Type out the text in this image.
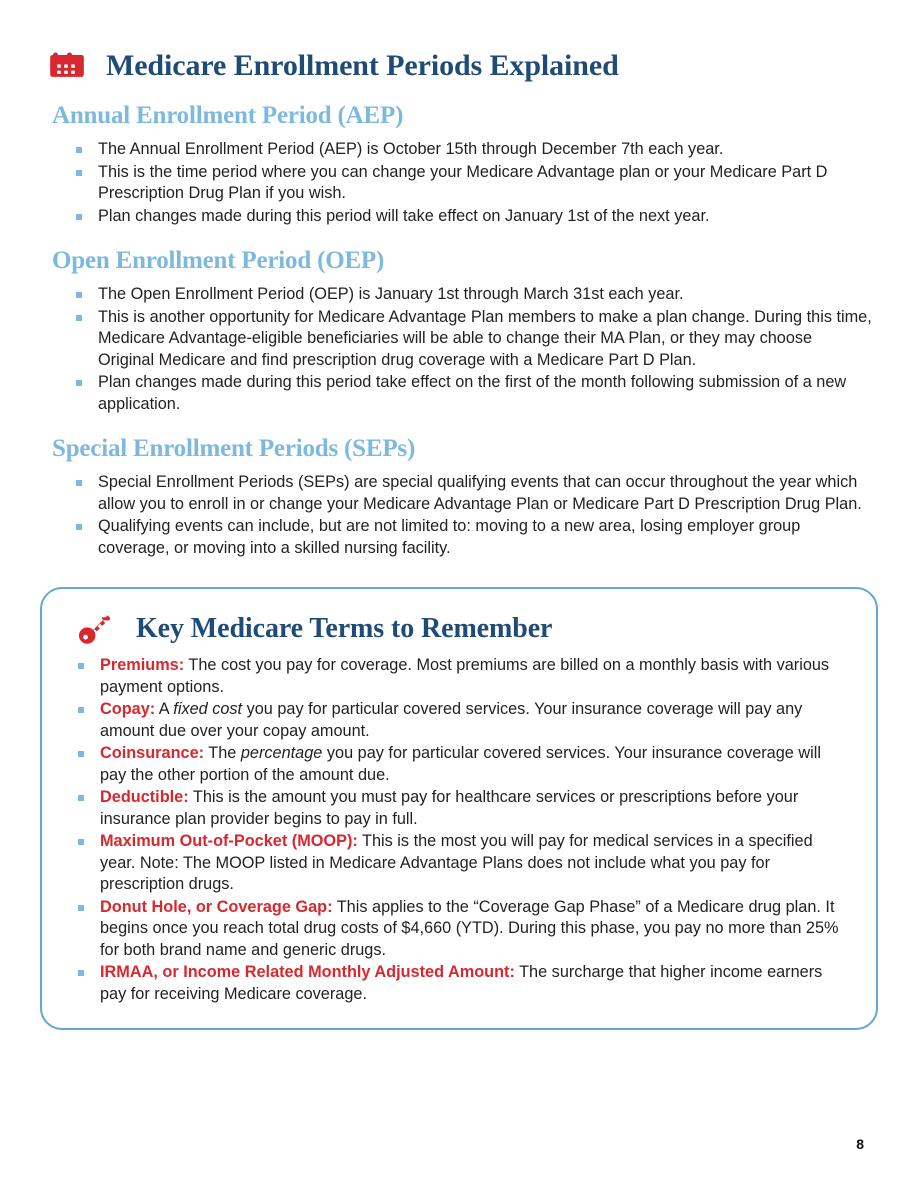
Medicare Enrollment Periods Explained
Annual Enrollment Period (AEP)
The Annual Enrollment Period (AEP) is October 15th through December 7th each year.
This is the time period where you can change your Medicare Advantage plan or your Medicare Part D Prescription Drug Plan if you wish.
Plan changes made during this period will take effect on January 1st of the next year.
Open Enrollment Period (OEP)
The Open Enrollment Period (OEP) is January 1st through March 31st each year.
This is another opportunity for Medicare Advantage Plan members to make a plan change. During this time, Medicare Advantage-eligible beneficiaries will be able to change their MA Plan, or they may choose Original Medicare and find prescription drug coverage with a Medicare Part D Plan.
Plan changes made during this period take effect on the first of the month following submission of a new application.
Special Enrollment Periods (SEPs)
Special Enrollment Periods (SEPs) are special qualifying events that can occur throughout the year which allow you to enroll in or change your Medicare Advantage Plan or Medicare Part D Prescription Drug Plan.
Qualifying events can include, but are not limited to: moving to a new area, losing employer group coverage, or moving into a skilled nursing facility.
Key Medicare Terms to Remember
Premiums: The cost you pay for coverage. Most premiums are billed on a monthly basis with various payment options.
Copay: A fixed cost you pay for particular covered services. Your insurance coverage will pay any amount due over your copay amount.
Coinsurance: The percentage you pay for particular covered services. Your insurance coverage will pay the other portion of the amount due.
Deductible: This is the amount you must pay for healthcare services or prescriptions before your insurance plan provider begins to pay in full.
Maximum Out-of-Pocket (MOOP): This is the most you will pay for medical services in a specified year. Note: The MOOP listed in Medicare Advantage Plans does not include what you pay for prescription drugs.
Donut Hole, or Coverage Gap: This applies to the “Coverage Gap Phase” of a Medicare drug plan. It begins once you reach total drug costs of $4,660 (YTD). During this phase, you pay no more than 25% for both brand name and generic drugs.
IRMAA, or Income Related Monthly Adjusted Amount: The surcharge that higher income earners pay for receiving Medicare coverage.
8
